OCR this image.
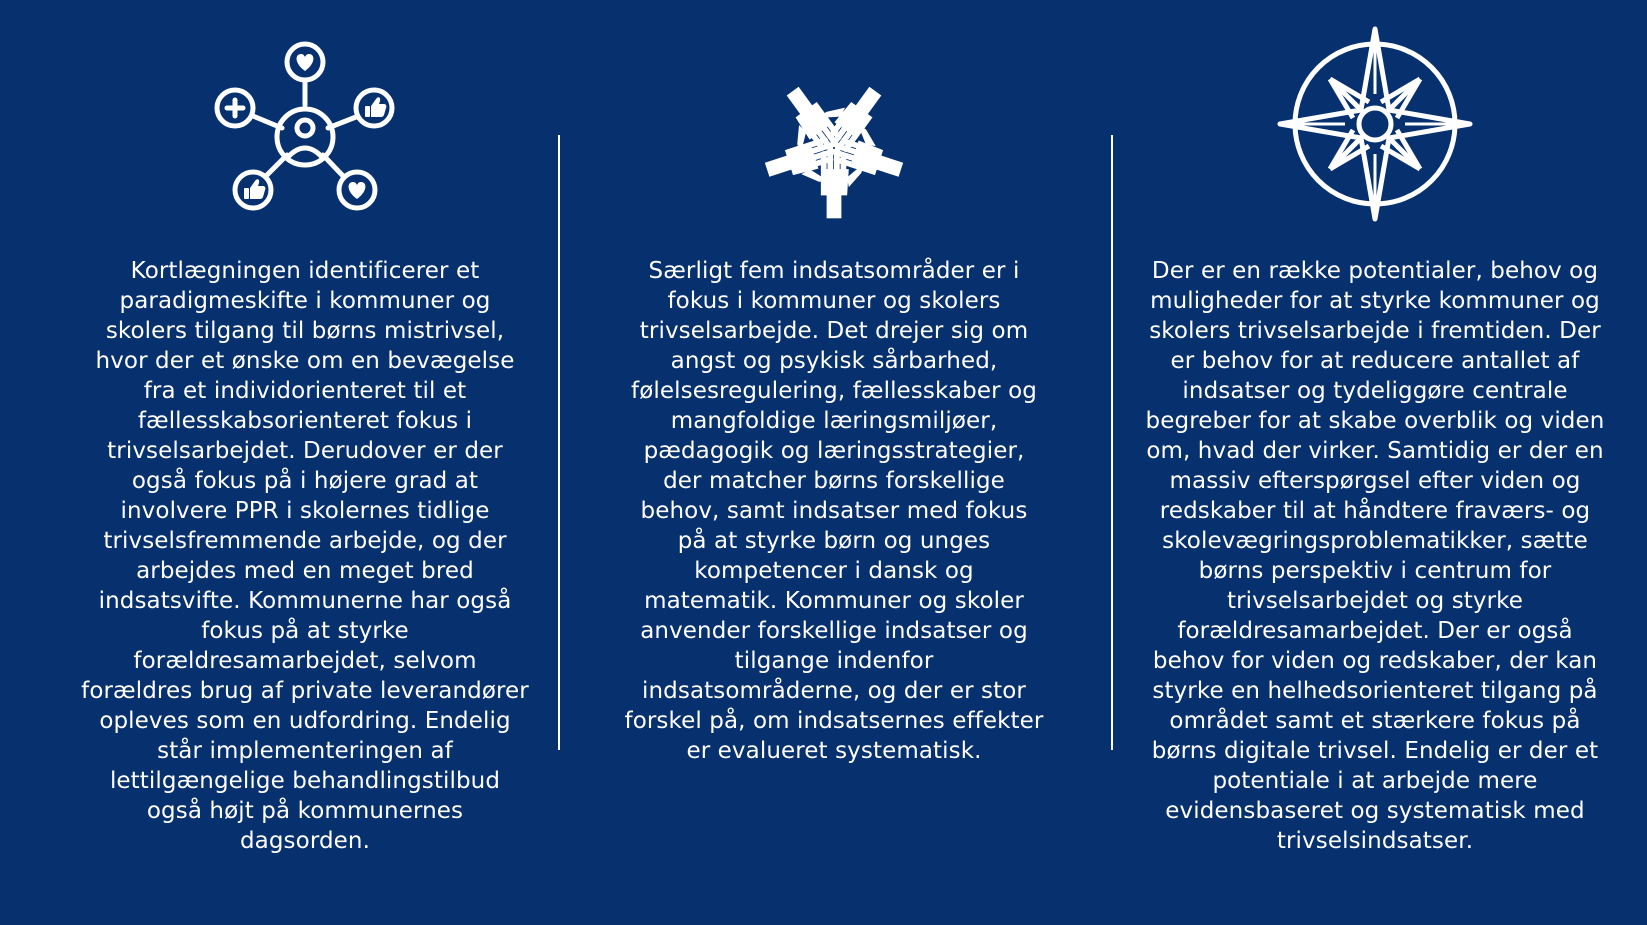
Kortlægningen identificerer et paradigmeskifte i kommuner og skolers tilgang til børns mistrivsel, hvor der et ønske om en bevægelse fra et individorienteret til et fællesskabsorienteret fokus i trivselsarbejdet. Derudover er der også fokus på i højere grad at involvere PPR i skolernes tidlige trivselsfremmende arbejde, og der arbejdes med en meget bred indsatsvifte. Kommunerne har også fokus på at styrke forældresamarbejdet, selvom forældres brug af private leverandører opleves som en udfordring. Endelig står implementeringen af lettilgængelige behandlingstilbud også højt på kommunernes dagsorden.

Særligt fem indsatsområder er i fokus i kommuner og skolers trivselsarbejde. Det drejer sig om angst og psykisk sårbarhed, følelsesregulering, fællesskaber og mangfoldige læringsmiljøer, pædagogik og læringsstrategier, der matcher børns forskellige behov, samt indsatser med fokus på at styrke børn og unges kompetencer i dansk og matematik. Kommuner og skoler anvender forskellige indsatser og tilgange indenfor indsatsområderne, og der er stor forskel på, om indsatsernes effekter er evalueret systematisk.

Der er en række potentialer, behov og muligheder for at styrke kommuner og skolers trivselsarbejde i fremtiden. Der er behov for at reducere antallet af indsatser og tydeliggøre centrale begreber for at skabe overblik og viden om, hvad der virker. Samtidig er der en massiv efterspørgsel efter viden og redskaber til at håndtere fraværs- og skolevægringsproblematikker, sætte børns perspektiv i centrum for trivselsarbejdet og styrke forældresamarbejdet. Der er også behov for viden og redskaber, der kan styrke en helhedsorienteret tilgang på området samt et stærkere fokus på børns digitale trivsel. Endelig er der et potentiale i at arbejde mere evidensbaseret og systematisk med trivselsindsatser.
